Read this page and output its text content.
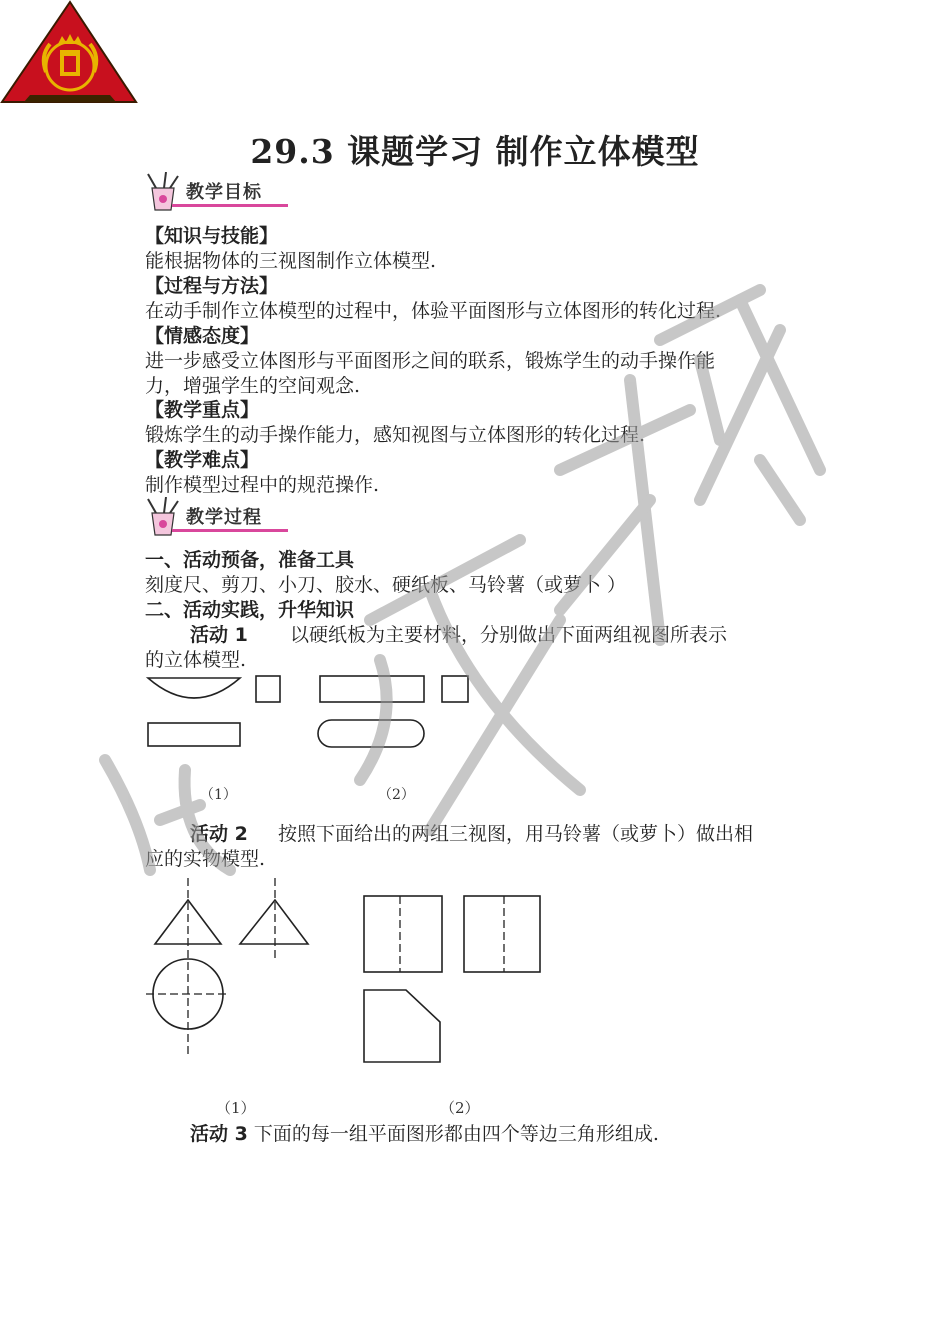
29.3 课题学习 制作立体模型
教学目标
【知识与技能】
能根据物体的三视图制作立体模型.
【过程与方法】
在动手制作立体模型的过程中，体验平面图形与立体图形的转化过程.
【情感态度】
进一步感受立体图形与平面图形之间的联系，锻炼学生的动手操作能
力，增强学生的空间观念.
【教学重点】
锻炼学生的动手操作能力，感知视图与立体图形的转化过程.
【教学难点】
制作模型过程中的规范操作.
教学过程
一、活动预备，准备工具
刻度尺、剪刀、小刀、胶水、硬纸板、马铃薯（或萝卜 ）
二、活动实践，升华知识
活动 1 以硬纸板为主要材料，分别做出下面两组视图所表示
的立体模型.
（1）	（2）
活动 2 按照下面给出的两组三视图，用马铃薯（或萝卜）做出相
应的实物模型.
（1）	（2）
活动 3 下面的每一组平面图形都由四个等边三角形组成.
